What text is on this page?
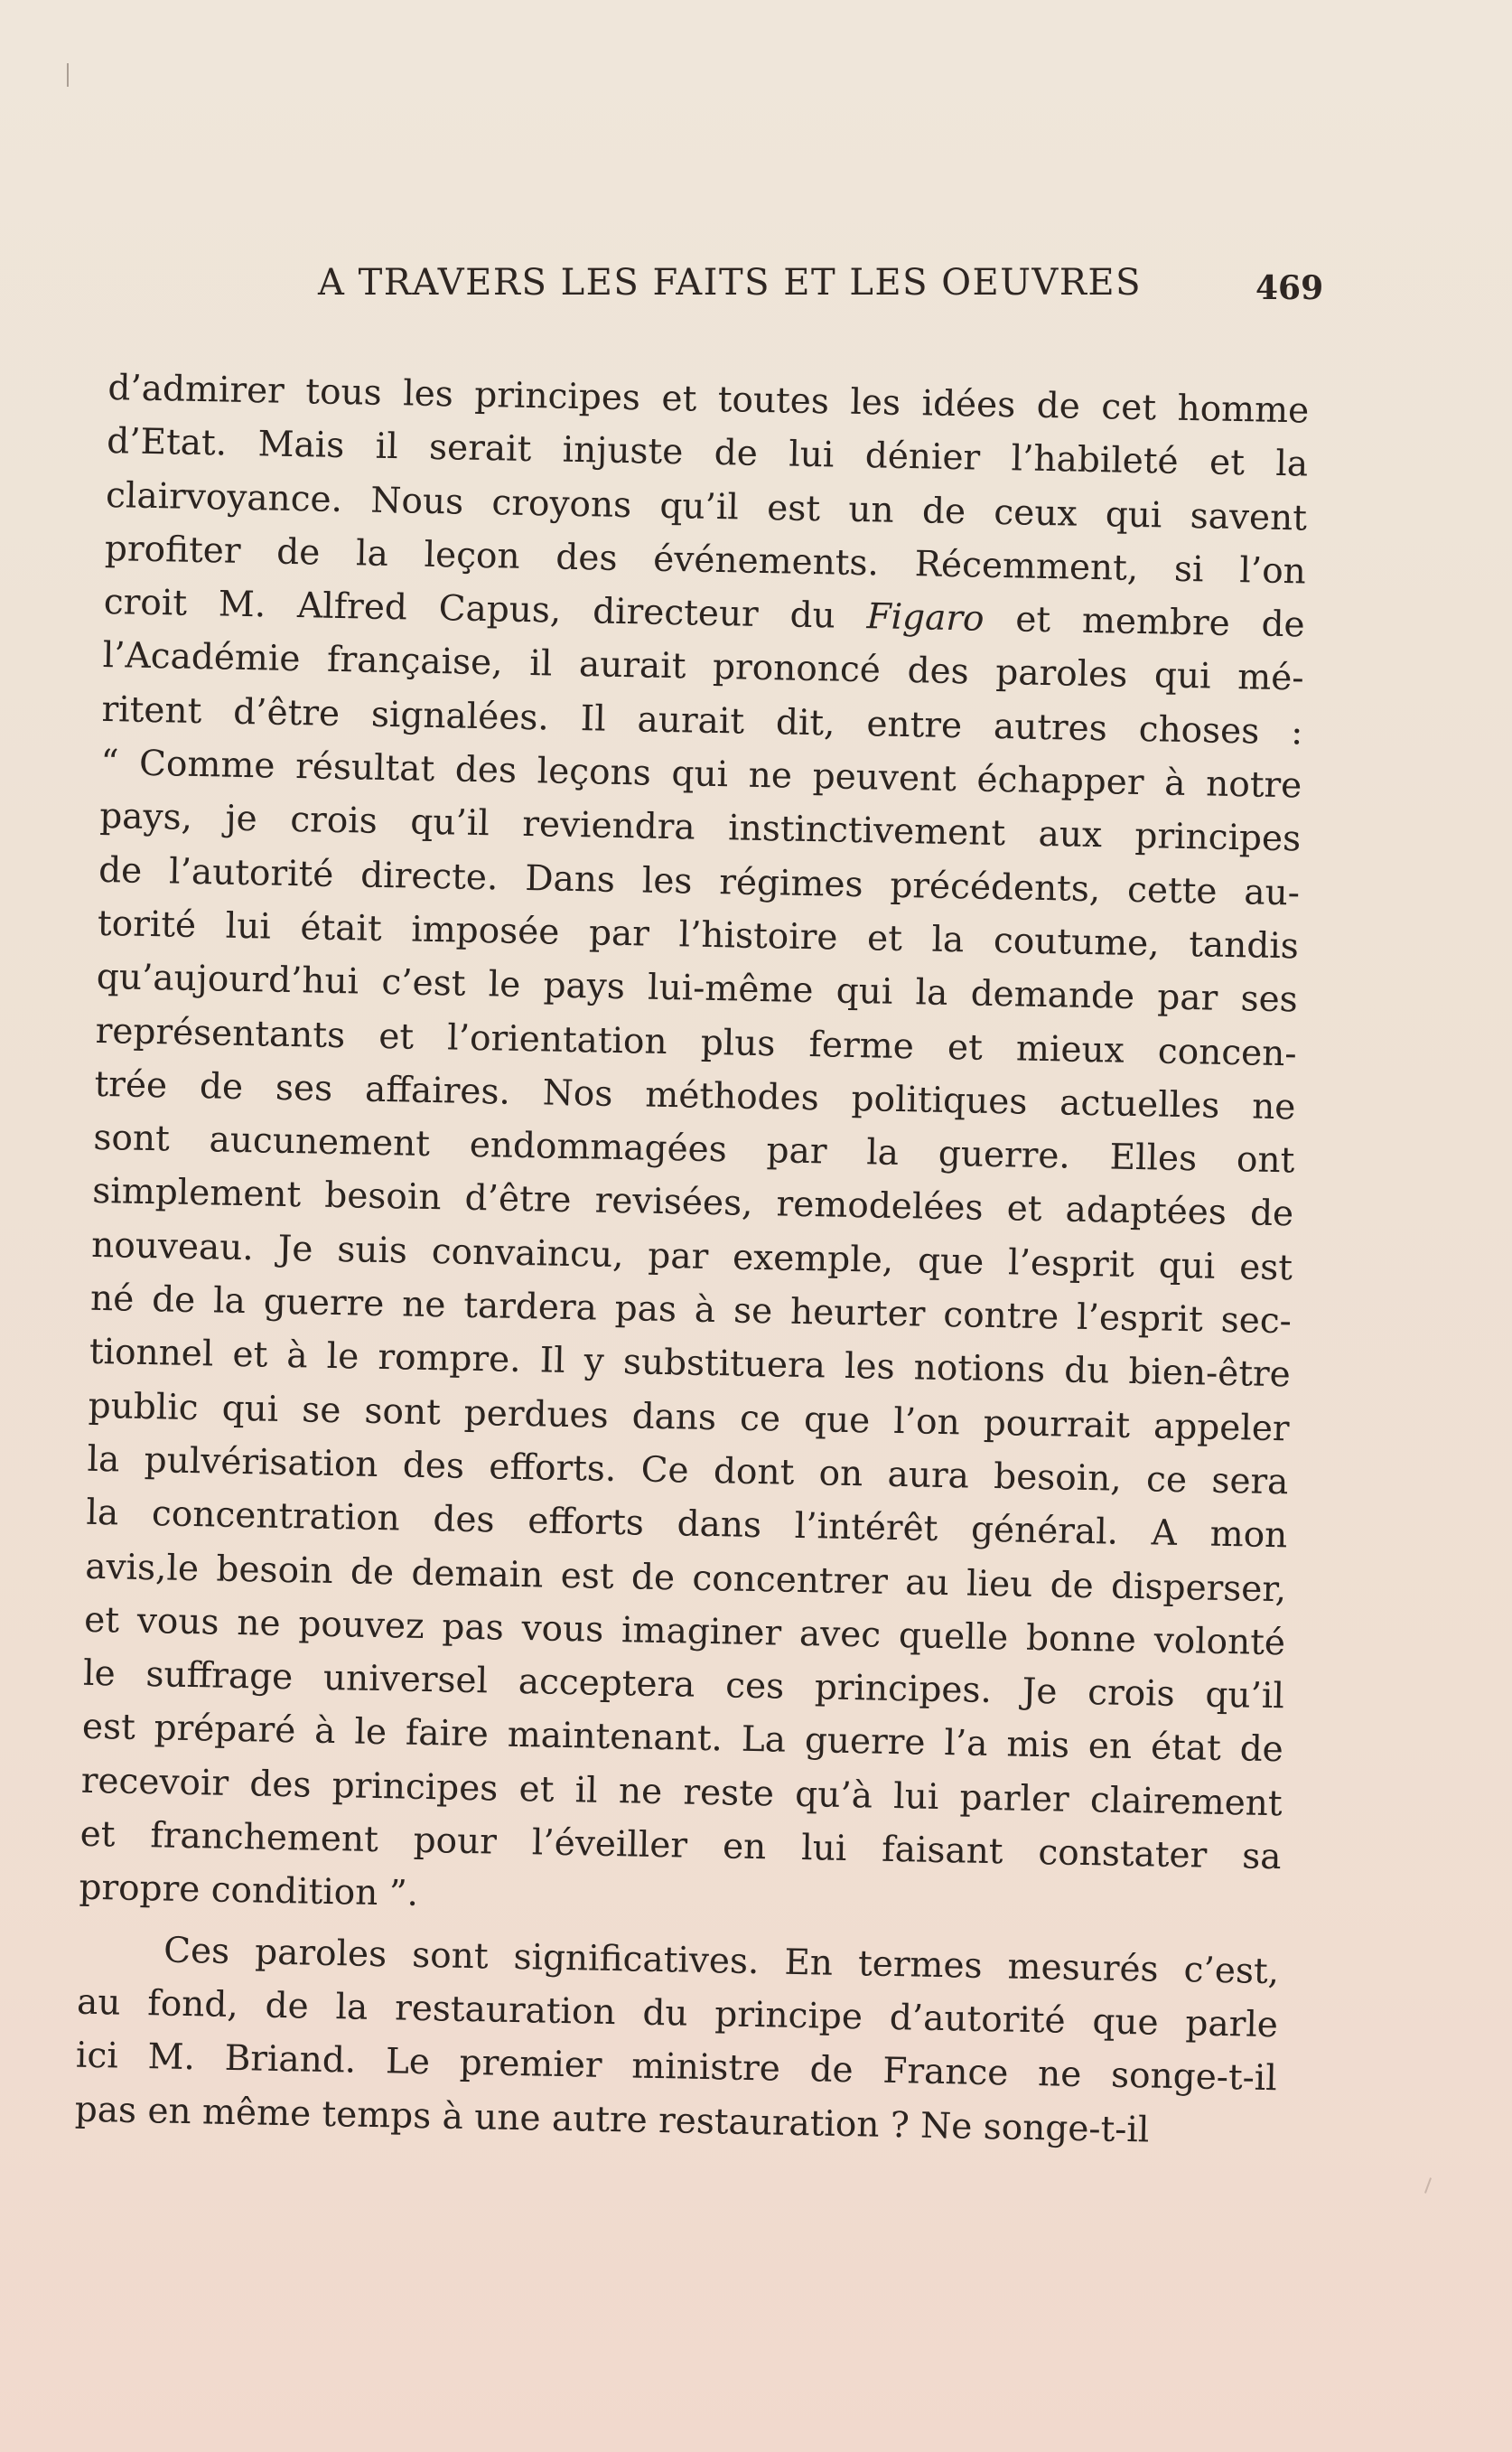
A TRAVERS LES FAITS ET LES OEUVRES	469
d’admirer tous les principes et toutes les idées de cet homme
d’Etat. Mais il serait injuste de lui dénier l’habileté et la
clairvoyance. Nous croyons qu’il est un de ceux qui savent
profiter de la leçon des événements. Récemment, si l’on
croit M. Alfred Capus, directeur du Figaro et membre de
l’Académie française, il aurait prononcé des paroles qui mé-
ritent d’être signalées. Il aurait dit, entre autres choses :
“ Comme résultat des leçons qui ne peuvent échapper à notre
pays, je crois qu’il reviendra instinctivement aux principes
de l’autorité directe. Dans les régimes précédents, cette au-
torité lui était imposée par l’histoire et la coutume, tandis
qu’aujourd’hui c’est le pays lui-même qui la demande par ses
représentants et l’orientation plus ferme et mieux concen-
trée de ses affaires. Nos méthodes politiques actuelles ne
sont aucunement endommagées par la guerre. Elles ont
simplement besoin d’être revisées, remodelées et adaptées de
nouveau. Je suis convaincu, par exemple, que l’esprit qui est
né de la guerre ne tardera pas à se heurter contre l’esprit sec-
tionnel et à le rompre. Il y substituera les notions du bien-être
public qui se sont perdues dans ce que l’on pourrait appeler
la pulvérisation des efforts. Ce dont on aura besoin, ce sera
la concentration des efforts dans l’intérêt général. A mon
avis,le besoin de demain est de concentrer au lieu de disperser,
et vous ne pouvez pas vous imaginer avec quelle bonne volonté
le suffrage universel acceptera ces principes. Je crois qu’il
est préparé à le faire maintenant. La guerre l’a mis en état de
recevoir des principes et il ne reste qu’à lui parler clairement
et franchement pour l’éveiller en lui faisant constater sa
propre condition ”.
Ces paroles sont significatives. En termes mesurés c’est,
au fond, de la restauration du principe d’autorité que parle
ici M. Briand. Le premier ministre de France ne songe-t-il
pas en même temps à une autre restauration ? Ne songe-t-il
